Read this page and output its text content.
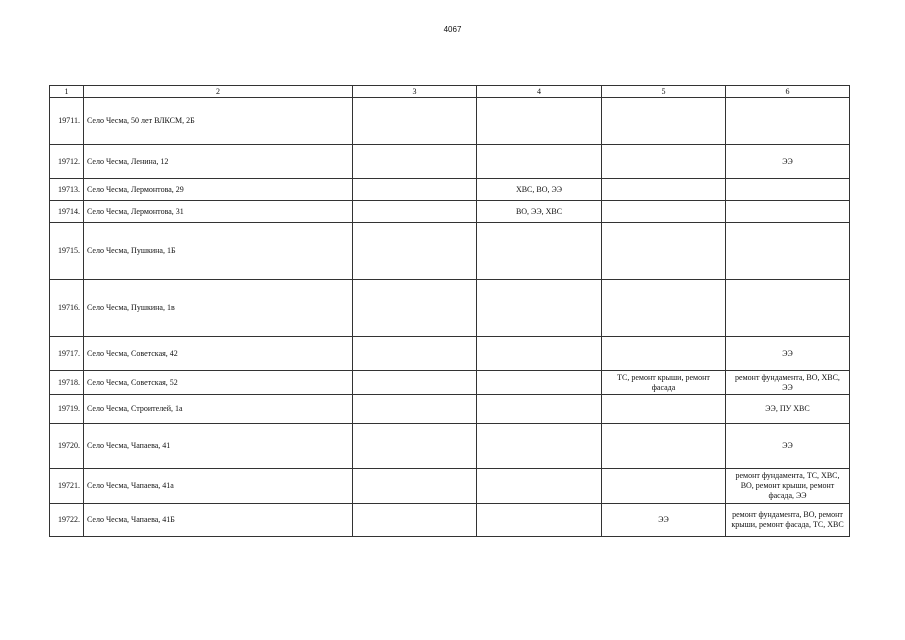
4067
1	2	3	4	5	6
19711.	Село Чесма, 50 лет ВЛКСМ, 2Б				
19712.	Село Чесма, Ленина, 12				ЭЭ
19713.	Село Чесма, Лермонтова, 29		ХВС, ВО, ЭЭ		
19714.	Село Чесма, Лермонтова, 31		ВО, ЭЭ, ХВС		
19715.	Село Чесма, Пушкина, 1Б				
19716.	Село Чесма, Пушкина, 1в				
19717.	Село Чесма, Советская, 42				ЭЭ
19718.	Село Чесма, Советская, 52			ТС, ремонт крыши, ремонт фасада	ремонт фундамента, ВО, ХВС, ЭЭ
19719.	Село Чесма, Строителей, 1а				ЭЭ, ПУ ХВС
19720.	Село Чесма, Чапаева, 41				ЭЭ
19721.	Село Чесма, Чапаева, 41а				ремонт фундамента, ТС, ХВС, ВО, ремонт крыши, ремонт фасада, ЭЭ
19722.	Село Чесма, Чапаева, 41Б			ЭЭ	ремонт фундамента, ВО, ремонт крыши, ремонт фасада, ТС, ХВС
